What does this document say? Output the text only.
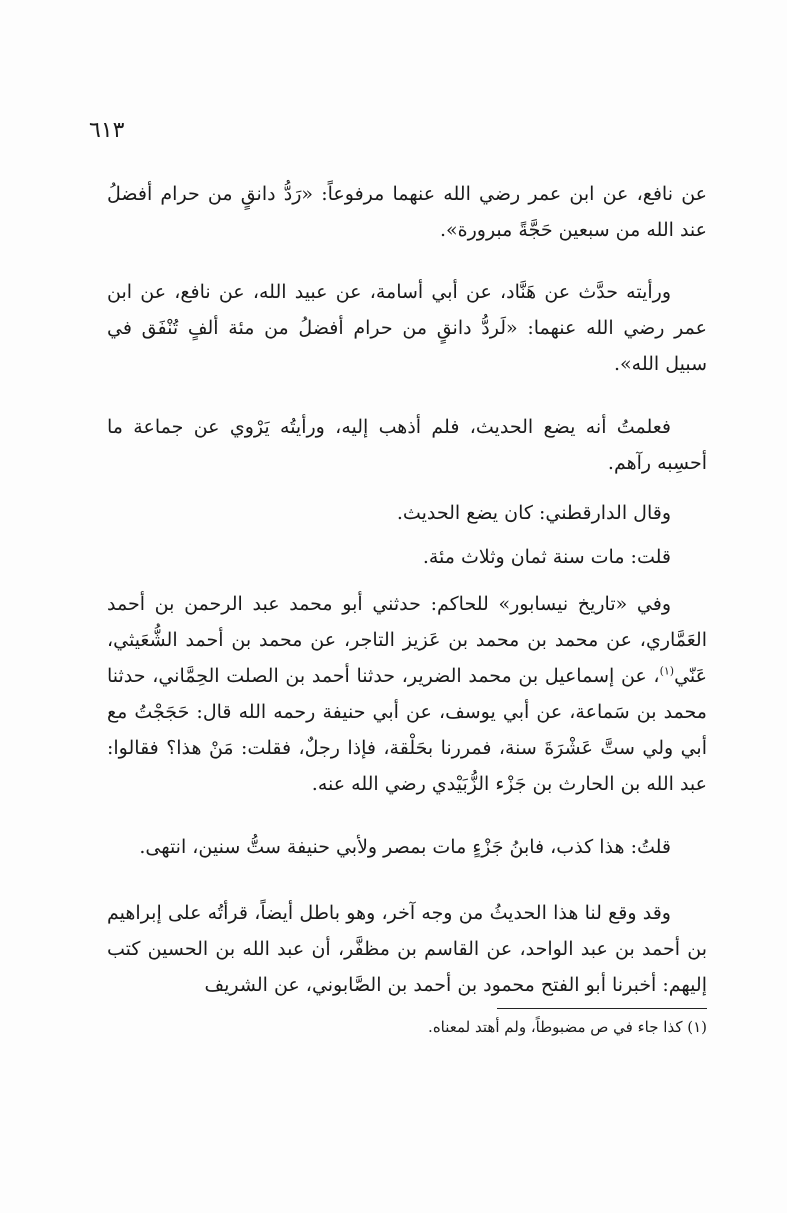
٦١٣

عن نافع، عن ابن عمر رضي الله عنهما مرفوعاً: «رَدُّ دانقٍ من حرام أفضلُ عند الله من سبعين حَجَّةً مبرورة».

ورأيته حدَّث عن هَنَّاد، عن أبي أسامة، عن عبيد الله، عن نافع، عن ابن عمر رضي الله عنهما: «لَردُّ دانقٍ من حرام أفضلُ من مئة ألفٍ تُنْفَق في سبيل الله».

فعلمتُ أنه يضع الحديث، فلم أذهب إليه، ورأيتُه يَرْوي عن جماعة ما أحسِبه رآهم.

وقال الدارقطني: كان يضع الحديث.

قلت: مات سنة ثمان وثلاث مئة.

وفي «تاريخ نيسابور» للحاكم: حدثني أبو محمد عبد الرحمن بن أحمد العَمَّاري، عن محمد بن محمد بن عَزيز التاجر، عن محمد بن أحمد الشُّعَيثي، عَنّي$^{(١)}$، عن إسماعيل بن محمد الضرير، حدثنا أحمد بن الصلت الحِمَّاني، حدثنا محمد بن سَماعة، عن أبي يوسف، عن أبي حنيفة رحمه الله قال: حَجَجْتُ مع أبي ولي ستَّ عَشْرَةَ سنة، فمررنا بحَلْقة، فإذا رجلٌ، فقلت: مَنْ هذا؟ فقالوا: عبد الله بن الحارث بن جَزْء الزُّبَيْدي رضي الله عنه.

قلتُ: هذا كذب، فابنُ جَزْءٍ مات بمصر ولأبي حنيفة ستُّ سنين، انتهى.

وقد وقع لنا هذا الحديثُ من وجه آخر، وهو باطل أيضاً، قرأتُه على إبراهيم بن أحمد بن عبد الواحد، عن القاسم بن مظفَّر، أن عبد الله بن الحسين كتب إليهم: أخبرنا أبو الفتح محمود بن أحمد بن الصَّابوني، عن الشريف

(١) كذا جاء في ص مضبوطاً، ولم أهتد لمعناه.
